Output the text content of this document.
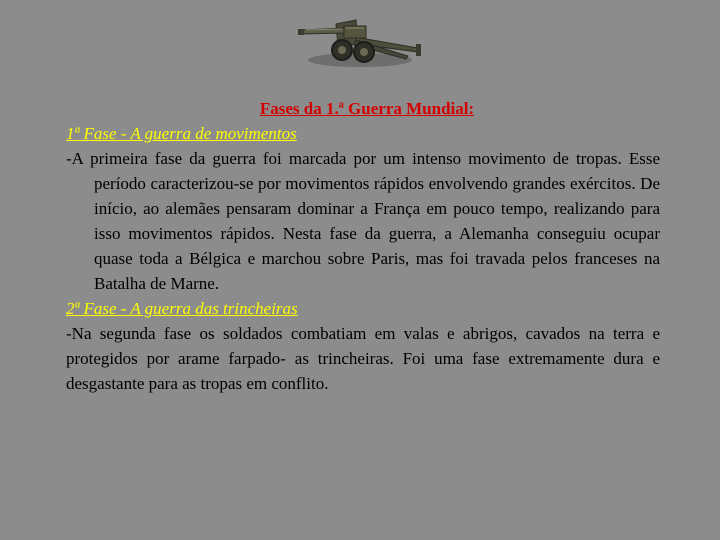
Fases da 1.ª Guerra Mundial:

1ª Fase - A guerra de movimentos

-A primeira fase da guerra foi marcada por um intenso movimento de tropas. Esse período caracterizou-se por movimentos rápidos envolvendo grandes exércitos. De início, ao alemães pensaram dominar a França em pouco tempo, realizando para isso movimentos rápidos. Nesta fase da guerra, a Alemanha conseguiu ocupar quase toda a Bélgica e marchou sobre Paris, mas foi travada pelos franceses na Batalha de Marne.

2ª Fase - A guerra das trincheiras

-Na segunda fase os soldados combatiam em valas e abrigos, cavados na terra e protegidos por arame farpado- as trincheiras. Foi uma fase extremamente dura e desgastante para as tropas em conflito.
